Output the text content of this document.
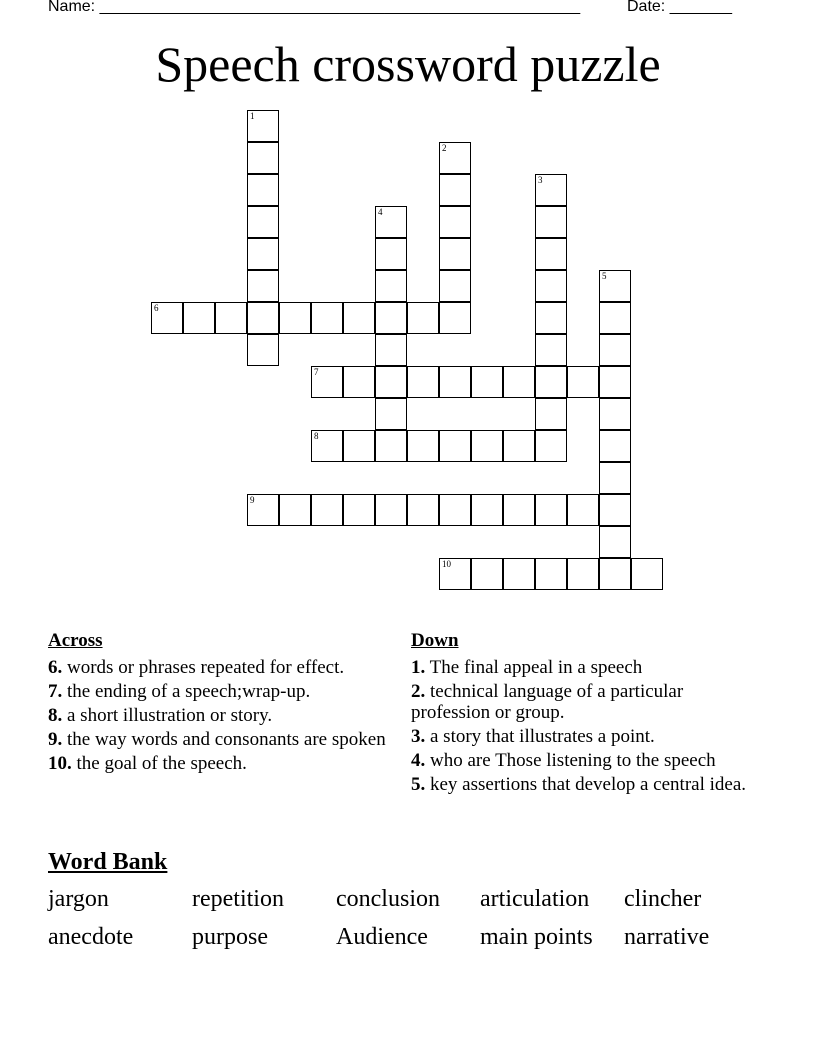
Name: ______________________________________________________	Date: _______
Speech crossword puzzle
1
2
3
4
5
6
7
8
9
10
Across
6. words or phrases repeated for effect.
7. the ending of a speech;wrap-up.
8. a short illustration or story.
9. the way words and consonants are spoken
10. the goal of the speech.
Down
1. The final appeal in a speech
2. technical language of a particular profession or group.
3. a story that illustrates a point.
4. who are Those listening to the speech
5. key assertions that develop a central idea.
Word Bank
jargon	repetition conclusion articulation clincher
anecdote purpose	Audience main points narrative
